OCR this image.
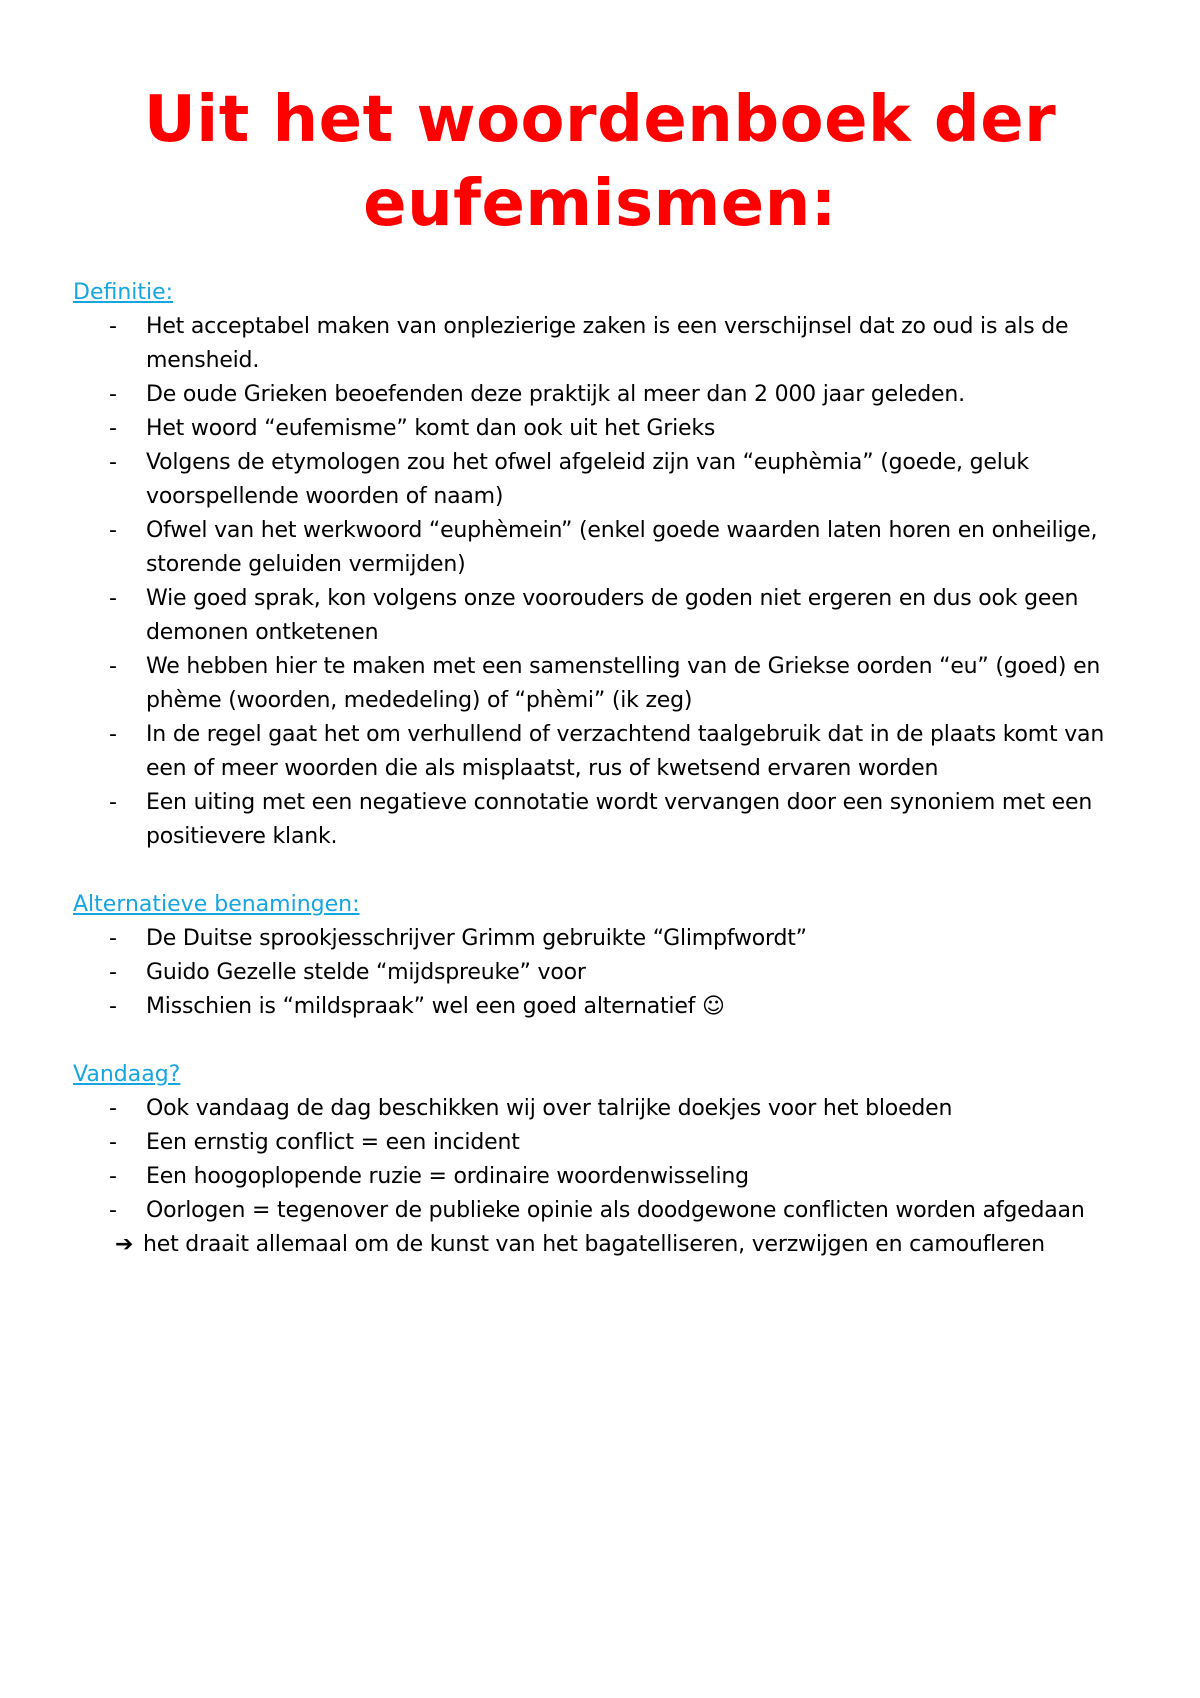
Uit het woordenboek der eufemismen:
Definitie:
- Het acceptabel maken van onplezierige zaken is een verschijnsel dat zo oud is als de mensheid.
- De oude Grieken beoefenden deze praktijk al meer dan 2 000 jaar geleden.
- Het woord “eufemisme” komt dan ook uit het Grieks
- Volgens de etymologen zou het ofwel afgeleid zijn van “euphèmia” (goede, geluk voorspellende woorden of naam)
- Ofwel van het werkwoord “euphèmein” (enkel goede waarden laten horen en onheilige, storende geluiden vermijden)
- Wie goed sprak, kon volgens onze voorouders de goden niet ergeren en dus ook geen demonen ontketenen
- We hebben hier te maken met een samenstelling van de Griekse oorden “eu” (goed) en phème (woorden, mededeling) of “phèmi” (ik zeg)
- In de regel gaat het om verhullend of verzachtend taalgebruik dat in de plaats komt van een of meer woorden die als misplaatst, rus of kwetsend ervaren worden
- Een uiting met een negatieve connotatie wordt vervangen door een synoniem met een positievere klank.
Alternatieve benamingen:
- De Duitse sprookjesschrijver Grimm gebruikte “Glimpfwordt”
- Guido Gezelle stelde “mijdspreuke” voor
- Misschien is “mildspraak” wel een goed alternatief ☺
Vandaag?
- Ook vandaag de dag beschikken wij over talrijke doekjes voor het bloeden
- Een ernstig conflict = een incident
- Een hoogoplopende ruzie = ordinaire woordenwisseling
- Oorlogen = tegenover de publieke opinie als doodgewone conflicten worden afgedaan
➔ het draait allemaal om de kunst van het bagatelliseren, verzwijgen en camoufleren
